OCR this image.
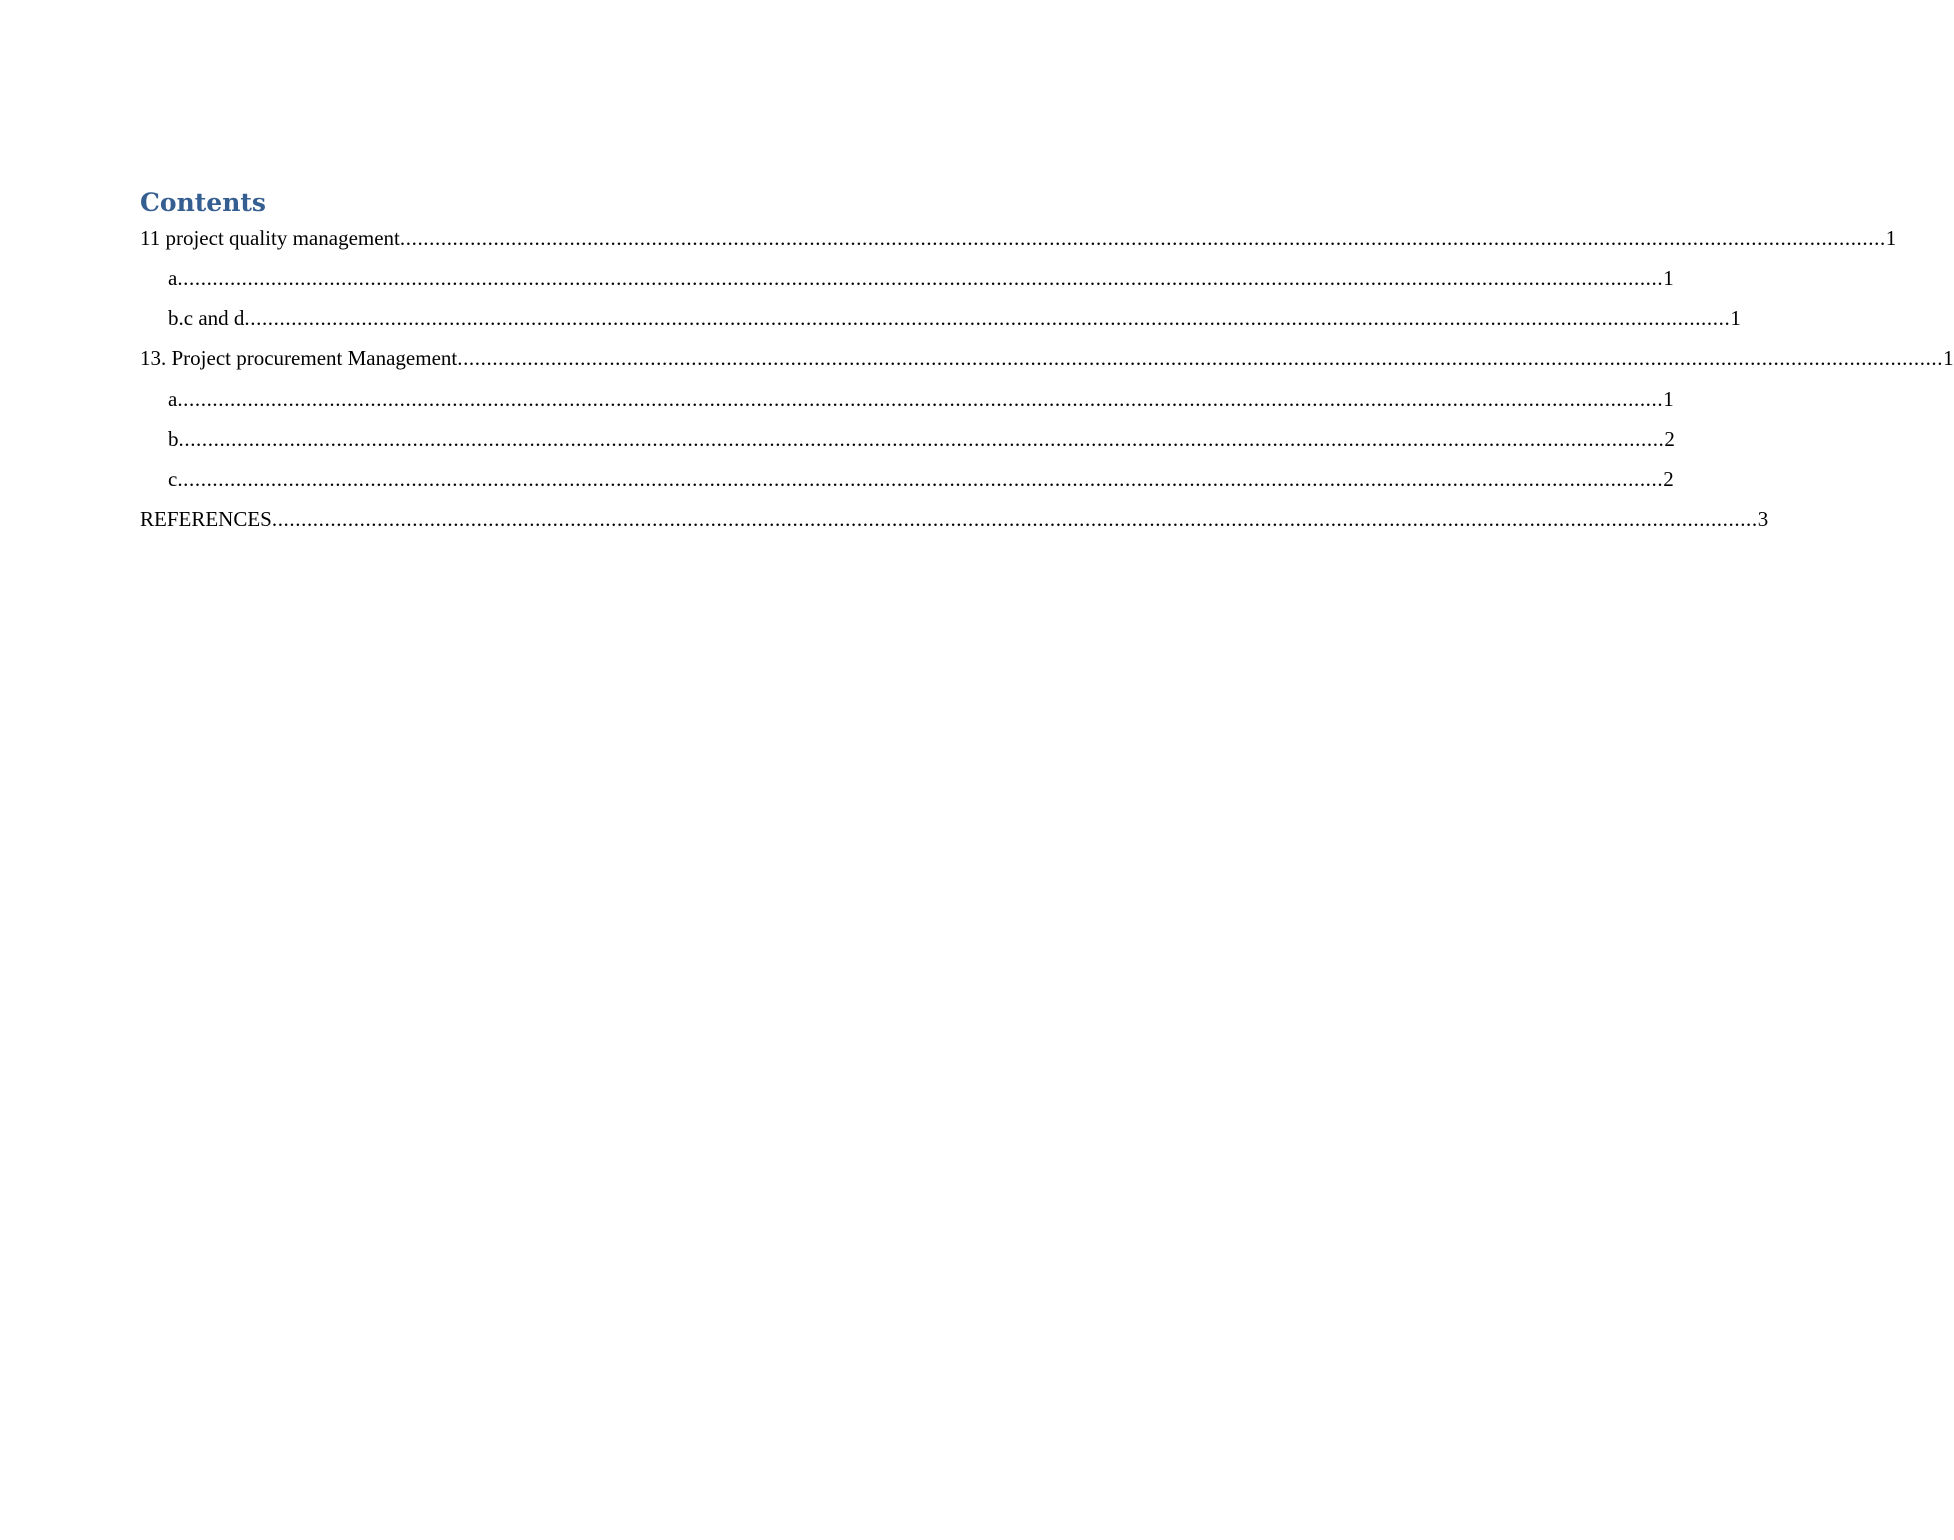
Contents
11 project quality management .............................................................................................................................................................................................................................................................. 1
a .............................................................................................................................................................................................................................................................. 1
b.c and d .............................................................................................................................................................................................................................................................. 1
13. Project procurement Management .............................................................................................................................................................................................................................................................. 1
a .............................................................................................................................................................................................................................................................. 1
b .............................................................................................................................................................................................................................................................. 2
c .............................................................................................................................................................................................................................................................. 2
REFERENCES .............................................................................................................................................................................................................................................................. 3
